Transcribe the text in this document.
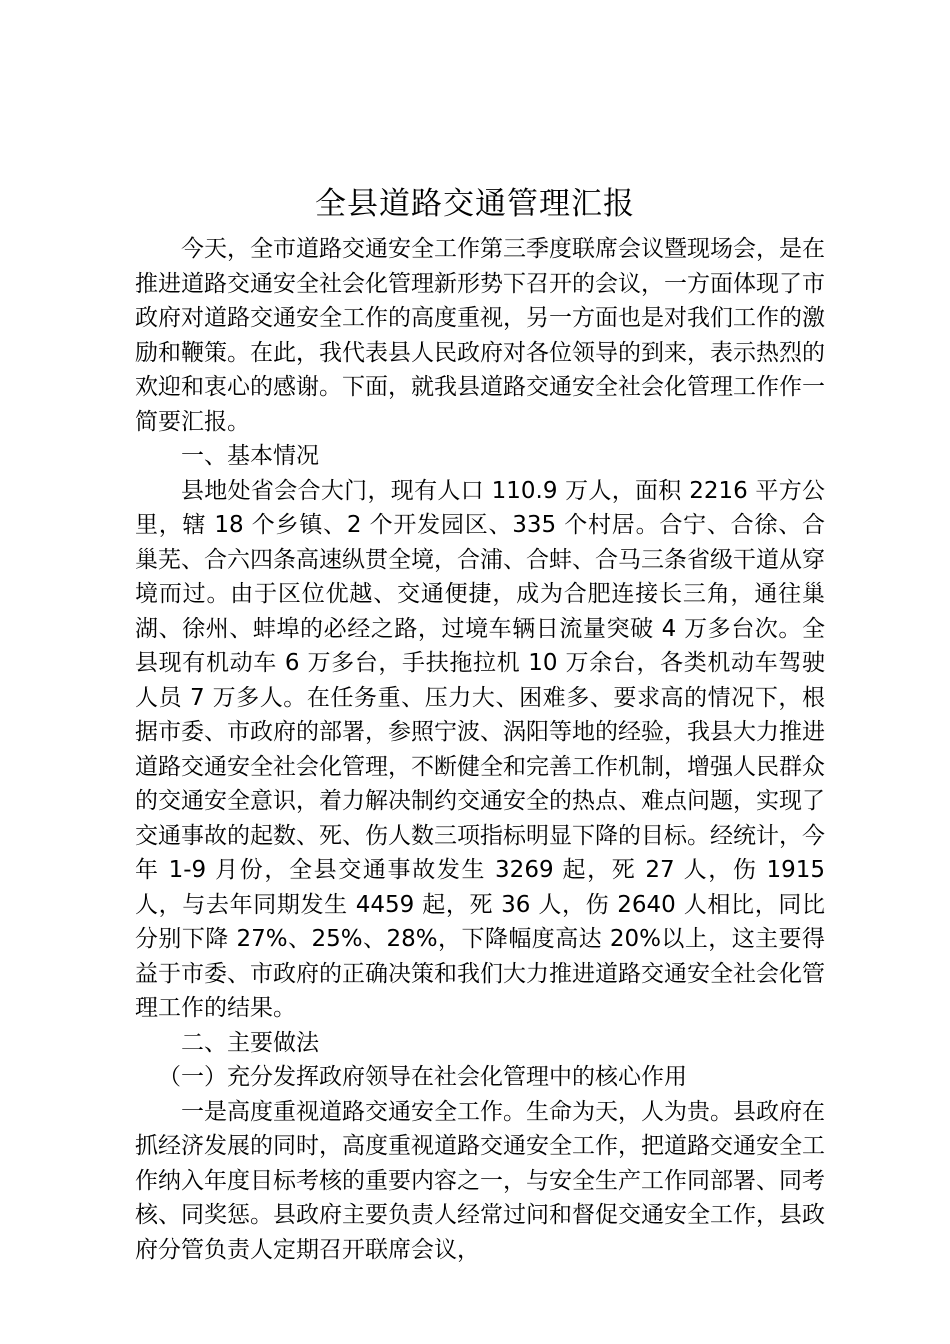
全县道路交通管理汇报

今天，全市道路交通安全工作第三季度联席会议暨现场会，是在推进道路交通安全社会化管理新形势下召开的会议，一方面体现了市政府对道路交通安全工作的高度重视，另一方面也是对我们工作的激励和鞭策。在此，我代表县人民政府对各位领导的到来，表示热烈的欢迎和衷心的感谢。下面，就我县道路交通安全社会化管理工作作一简要汇报。

一、基本情况

县地处省会合大门，现有人口 110.9 万人，面积 2216 平方公里，辖 18 个乡镇、2 个开发园区、335 个村居。合宁、合徐、合巢芜、合六四条高速纵贯全境，合浦、合蚌、合马三条省级干道从穿境而过。由于区位优越、交通便捷，成为合肥连接长三角，通往巢湖、徐州、蚌埠的必经之路，过境车辆日流量突破 4 万多台次。全县现有机动车 6 万多台，手扶拖拉机 10 万余台，各类机动车驾驶人员 7 万多人。在任务重、压力大、困难多、要求高的情况下，根据市委、市政府的部署，参照宁波、涡阳等地的经验，我县大力推进道路交通安全社会化管理，不断健全和完善工作机制，增强人民群众的交通安全意识，着力解决制约交通安全的热点、难点问题，实现了交通事故的起数、死、伤人数三项指标明显下降的目标。经统计，今年 1-9 月份，全县交通事故发生 3269 起，死 27 人，伤 1915 人，与去年同期发生 4459 起，死 36 人，伤 2640 人相比，同比分别下降 27%、25%、28%，下降幅度高达 20%以上，这主要得益于市委、市政府的正确决策和我们大力推进道路交通安全社会化管理工作的结果。

二、主要做法

（一）充分发挥政府领导在社会化管理中的核心作用

一是高度重视道路交通安全工作。生命为天，人为贵。县政府在抓经济发展的同时，高度重视道路交通安全工作，把道路交通安全工作纳入年度目标考核的重要内容之一，与安全生产工作同部署、同考核、同奖惩。县政府主要负责人经常过问和督促交通安全工作，县政府分管负责人定期召开联席会议，
